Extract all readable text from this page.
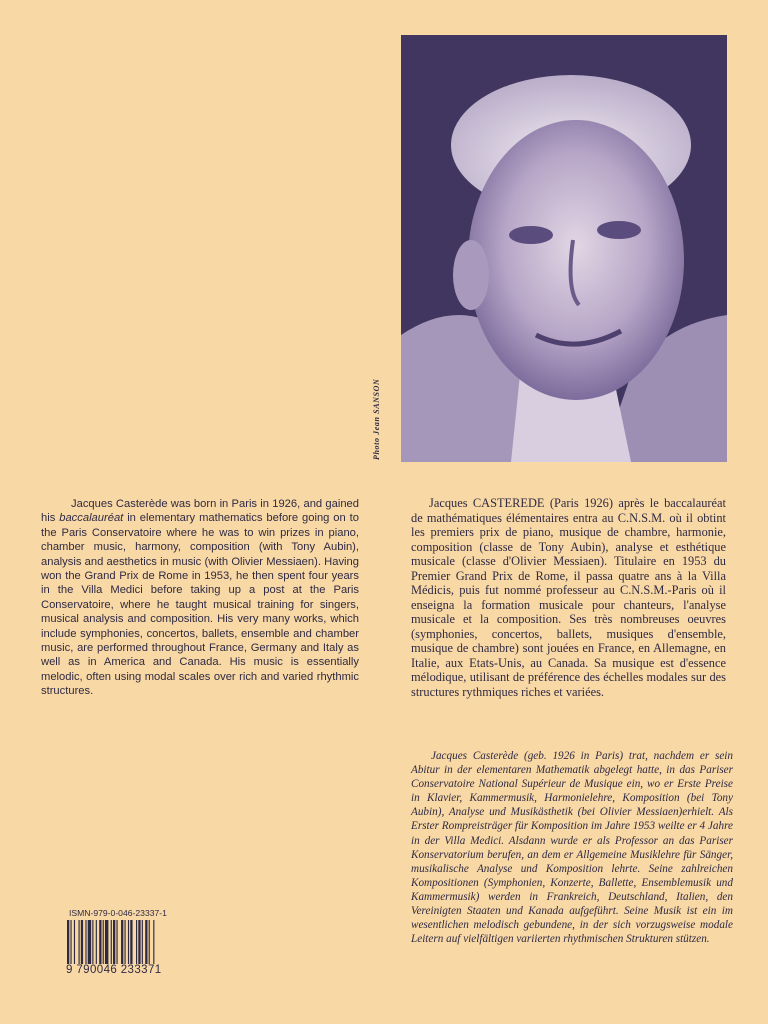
Photo Jean SANSON

Jacques Casterède was born in Paris in 1926, and gained his baccalauréat in elementary mathematics before going on to the Paris Conservatoire where he was to win prizes in piano, chamber music, harmony, composition (with Tony Aubin), analysis and aesthetics in music (with Olivier Messiaen). Having won the Grand Prix de Rome in 1953, he then spent four years in the Villa Medici before taking up a post at the Paris Conservatoire, where he taught musical training for singers, musical analysis and composition. His very many works, which include symphonies, concertos, ballets, ensemble and chamber music, are performed throughout France, Germany and Italy as well as in America and Canada. His music is essentially melodic, often using modal scales over rich and varied rhythmic structures.

Jacques CASTEREDE (Paris 1926) après le baccalauréat de mathématiques élémentaires entra au C.N.S.M. où il obtint les premiers prix de piano, musique de chambre, harmonie, composition (classe de Tony Aubin), analyse et esthétique musicale (classe d'Olivier Messiaen). Titulaire en 1953 du Premier Grand Prix de Rome, il passa quatre ans à la Villa Médicis, puis fut nommé professeur au C.N.S.M.-Paris où il enseigna la formation musicale pour chanteurs, l'analyse musicale et la composition. Ses très nombreuses oeuvres (symphonies, concertos, ballets, musiques d'ensemble, musique de chambre) sont jouées en France, en Allemagne, en Italie, aux Etats-Unis, au Canada. Sa musique est d'essence mélodique, utilisant de préférence des échelles modales sur des structures rythmiques riches et variées.

Jacques Casterède (geb. 1926 in Paris) trat, nachdem er sein Abitur in der elementaren Mathematik abgelegt hatte, in das Pariser Conservatoire National Supérieur de Musique ein, wo er Erste Preise in Klavier, Kammermusik, Harmonielehre, Komposition (bei Tony Aubin), Analyse und Musikästhetik (bei Olivier Messiaen)erhielt. Als Erster Rompreisträger für Komposition im Jahre 1953 weilte er 4 Jahre in der Villa Medici. Alsdann wurde er als Professor an das Pariser Konservatorium berufen, an dem er Allgemeine Musiklehre für Sänger, musikalische Analyse und Komposition lehrte. Seine zahlreichen Kompositionen (Symphonien, Konzerte, Ballette, Ensemblemusik und Kammermusik) werden in Frankreich, Deutschland, Italien, den Vereinigten Staaten und Kanada aufgeführt. Seine Musik ist ein im wesentlichen melodisch gebundene, in der sich vorzugsweise modale Leitern auf vielfältigen variierten rhythmischen Strukturen stützen.

ISMN-979-0-046-23337-1
9 790046 233371
